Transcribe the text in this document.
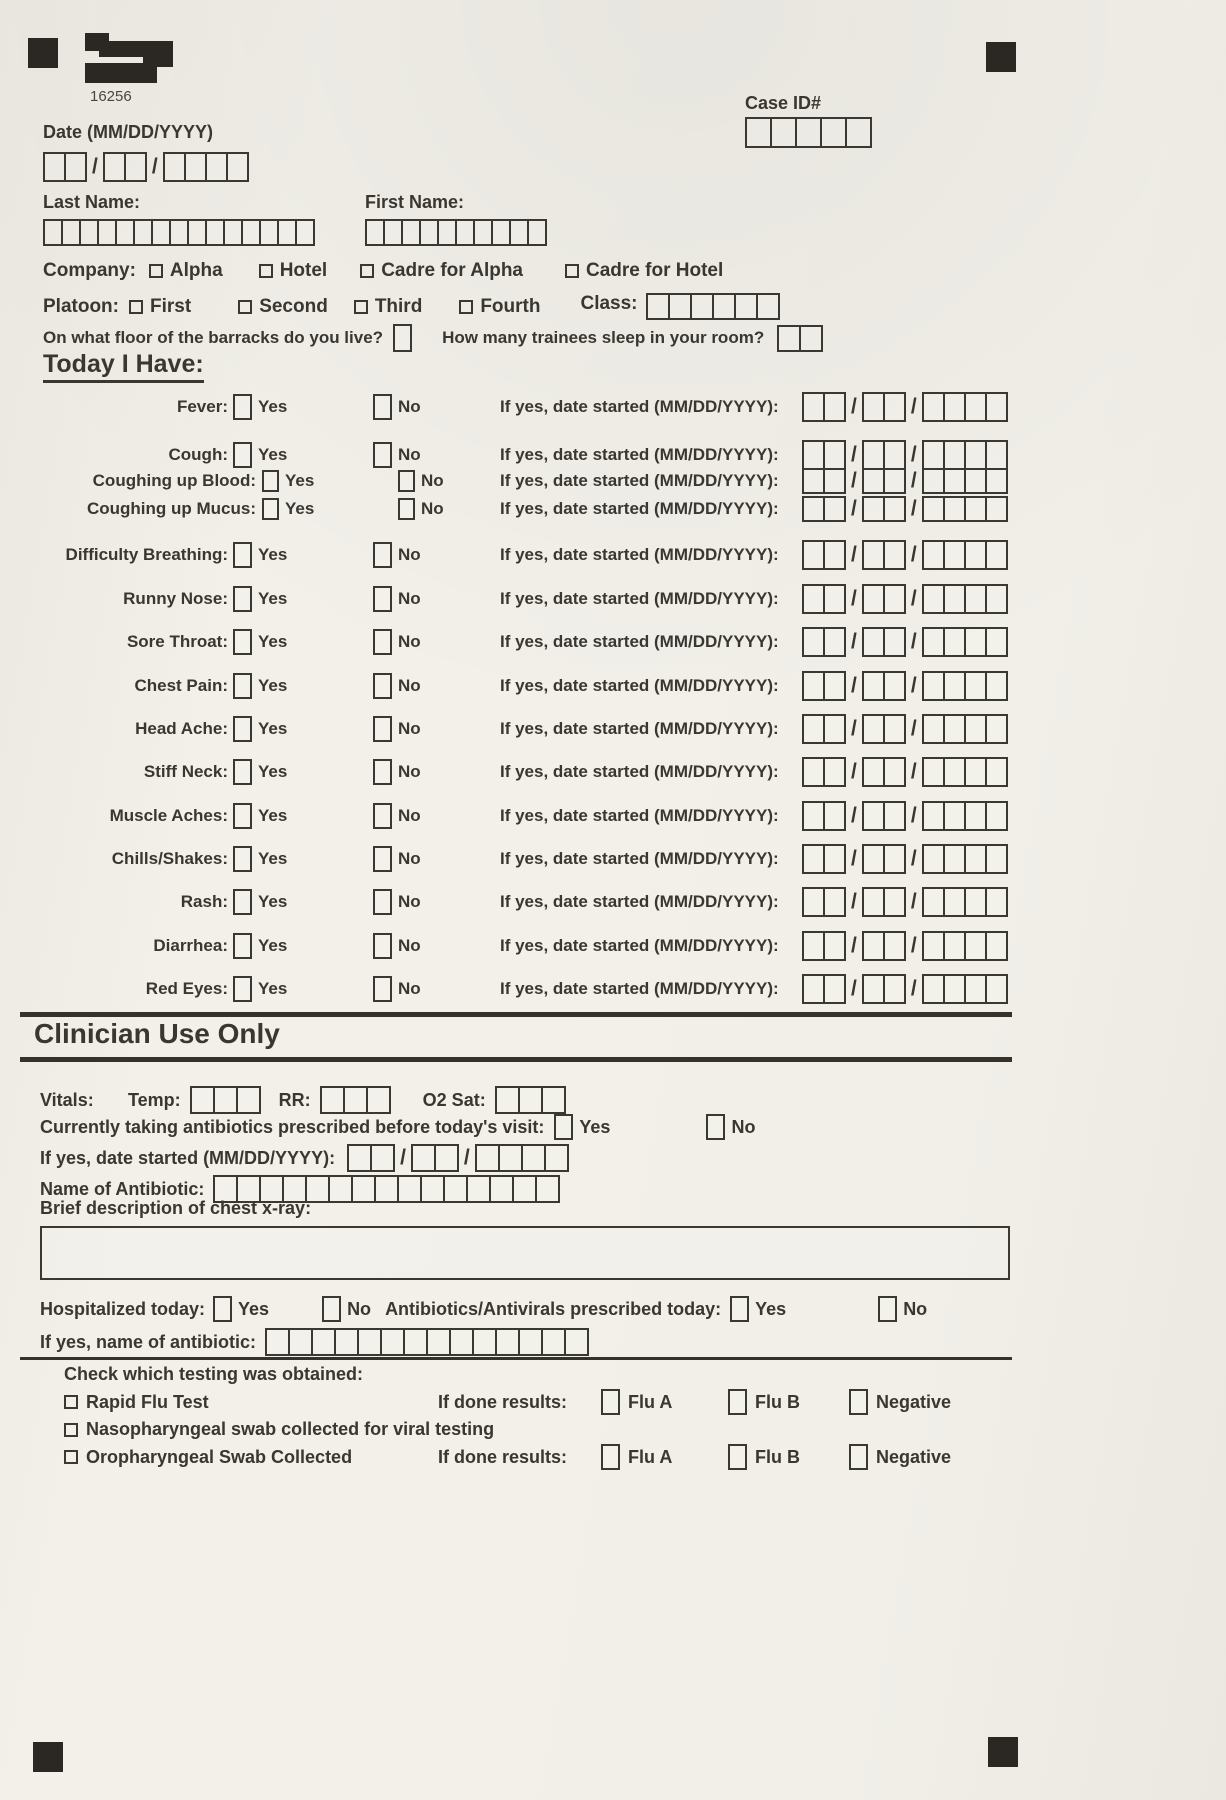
16256	Case ID#
Date (MM/DD/YYYY)
/	/
Last Name:	First Name:
Company: Alpha	Hotel	Cadre for Alpha	Cadre for Hotel
Platoon: First	Second Third	Fourth Class:
On what floor of the barracks do you live?	How many trainees sleep in your room?
Today I Have:
Fever: Yes	No	If yes, date started (MM/DD/YYYY):	/	/
Cough: Yes	No	If yes, date started (MM/DD/YYYY):	/	/
Coughing up Blood: Yes	No	If yes, date started (MM/DD/YYYY):	/	/
Coughing up Mucus: Yes	No	If yes, date started (MM/DD/YYYY):	/	/
Difficulty Breathing: Yes	No	If yes, date started (MM/DD/YYYY):	/	/
Runny Nose: Yes	No	If yes, date started (MM/DD/YYYY):	/	/
Sore Throat: Yes	No	If yes, date started (MM/DD/YYYY):	/	/
Chest Pain: Yes	No	If yes, date started (MM/DD/YYYY):	/	/
Head Ache: Yes	No	If yes, date started (MM/DD/YYYY):	/	/
Stiff Neck: Yes	No	If yes, date started (MM/DD/YYYY):	/	/
Muscle Aches: Yes	No	If yes, date started (MM/DD/YYYY):	/	/
Chills/Shakes: Yes	No	If yes, date started (MM/DD/YYYY):	/	/
Rash: Yes	No	If yes, date started (MM/DD/YYYY):	/	/
Diarrhea: Yes	No	If yes, date started (MM/DD/YYYY):	/	/
Red Eyes: Yes	No	If yes, date started (MM/DD/YYYY):	/	/
Clinician Use Only
Vitals:	Temp:	RR:	O2 Sat:
Currently taking antibiotics prescribed before today's visit: Yes	No
If yes, date started (MM/DD/YYYY):	/	/
Name of Antibiotic:
Brief description of chest x-ray:
Hospitalized today: Yes	No Antibiotics/Antivirals prescribed today: Yes	No
If yes, name of antibiotic:
Check which testing was obtained:
Rapid Flu Test	If done results:	Flu A	Flu B	Negative
Nasopharyngeal swab collected for viral testing
Oropharyngeal Swab Collected	If done results:	Flu A	Flu B	Negative
